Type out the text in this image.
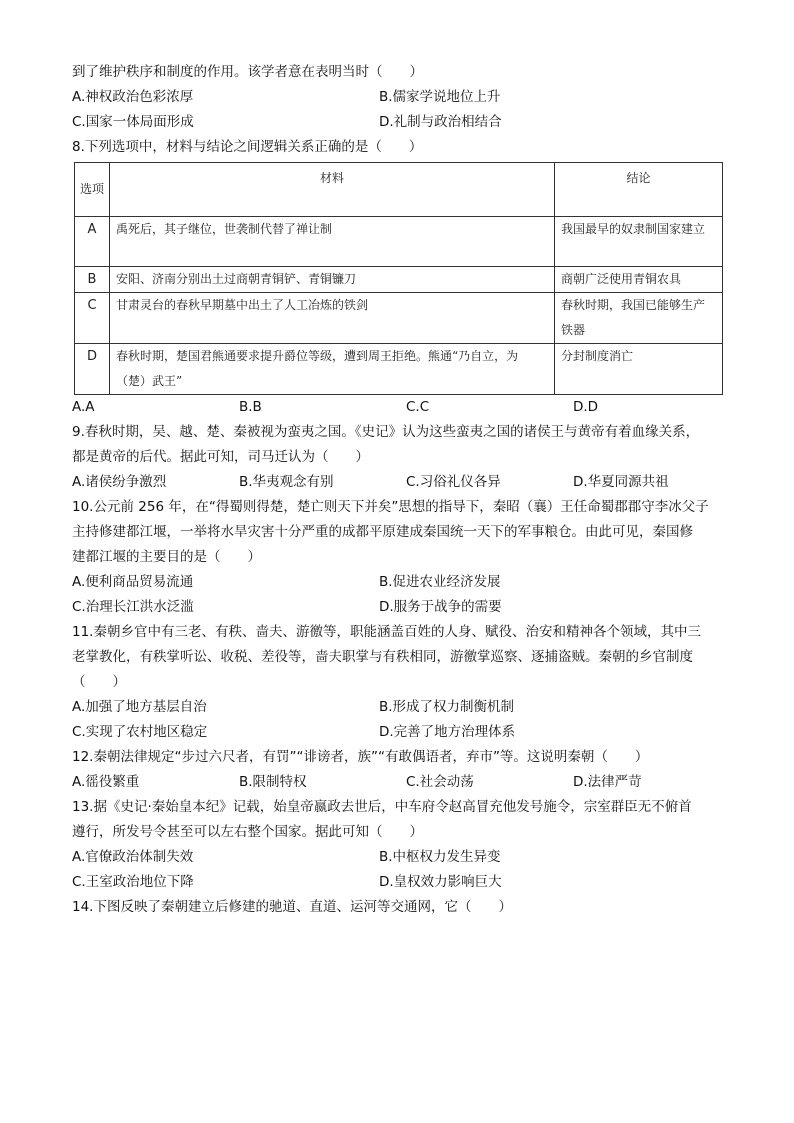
到了维护秩序和制度的作用。该学者意在表明当时（　　）
A.神权政治色彩浓厚	B.儒家学说地位上升
C.国家一体局面形成	D.礼制与政治相结合
8.下列选项中，材料与结论之间逻辑关系正确的是（　　）
选项	材料	结论
A	禹死后，其子继位，世袭制代替了禅让制	我国最早的奴隶制国家建立
B	安阳、济南分别出土过商朝青铜铲、青铜镰刀	商朝广泛使用青铜农具
C	甘肃灵台的春秋早期墓中出土了人工冶炼的铁剑	春秋时期，我国已能够生产铁器
D	春秋时期，楚国君熊通要求提升爵位等级，遭到周王拒绝。熊通“乃自立，为（楚）武王”	分封制度消亡
A.A	B.B	C.C	D.D
9.春秋时期，吴、越、楚、秦被视为蛮夷之国。《史记》认为这些蛮夷之国的诸侯王与黄帝有着血缘关系，
都是黄帝的后代。据此可知，司马迁认为（　　）
A.诸侯纷争激烈	B.华夷观念有别	C.习俗礼仪各异	D.华夏同源共祖
10.公元前 256 年，在“得蜀则得楚，楚亡则天下并矣”思想的指导下，秦昭（襄）王任命蜀郡郡守李冰父子
主持修建都江堰，一举将水旱灾害十分严重的成都平原建成秦国统一天下的军事粮仓。由此可见，秦国修
建都江堰的主要目的是（　　）
A.便利商品贸易流通	B.促进农业经济发展
C.治理长江洪水泛滥	D.服务于战争的需要
11.秦朝乡官中有三老、有秩、啬夫、游徼等，职能涵盖百姓的人身、赋役、治安和精神各个领域，其中三
老掌教化，有秩掌听讼、收税、差役等，啬夫职掌与有秩相同，游徼掌巡察、逐捕盗贼。秦朝的乡官制度
（　　）
A.加强了地方基层自治	B.形成了权力制衡机制
C.实现了农村地区稳定	D.完善了地方治理体系
12.秦朝法律规定“步过六尺者，有罚”“诽谤者，族”“有敢偶语者，弃市”等。这说明秦朝（　　）
A.徭役繁重	B.限制特权	C.社会动荡	D.法律严苛
13.据《史记·秦始皇本纪》记载，始皇帝嬴政去世后，中车府令赵高冒充他发号施令，宗室群臣无不俯首
遵行，所发号令甚至可以左右整个国家。据此可知（　　）
A.官僚政治体制失效	B.中枢权力发生异变
C.王室政治地位下降	D.皇权效力影响巨大
14.下图反映了秦朝建立后修建的驰道、直道、运河等交通网，它（　　）
